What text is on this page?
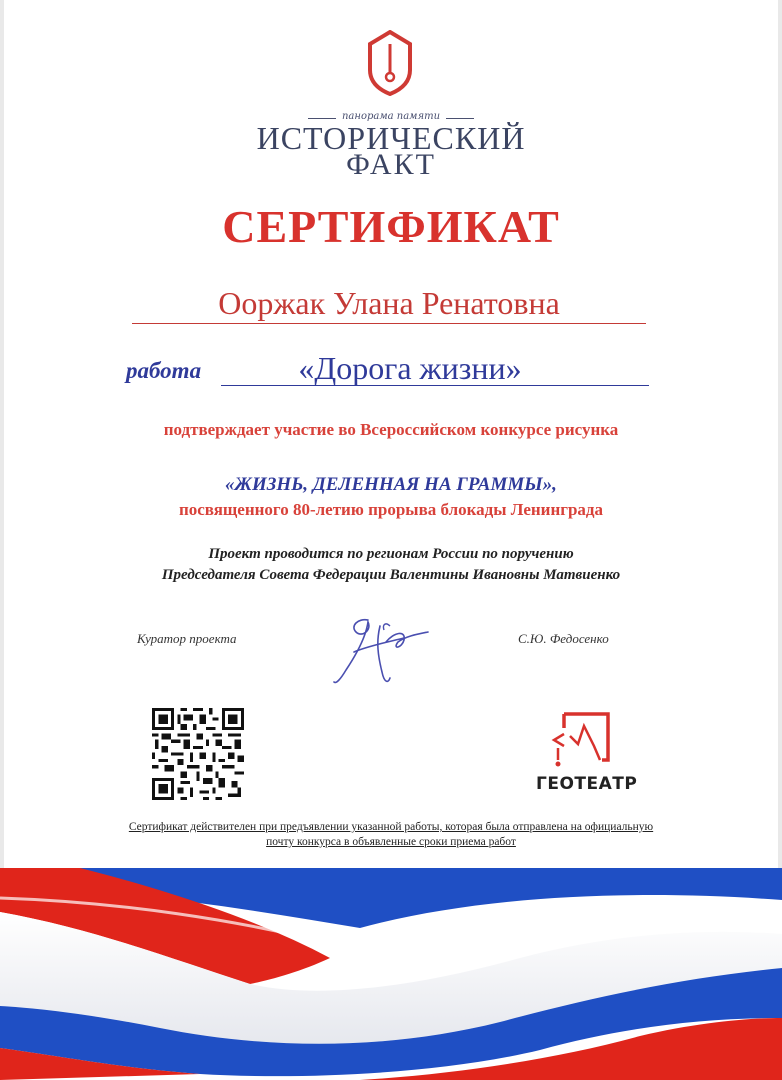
панорама памяти
ИСТОРИЧЕСКИЙ
ФАКТ
СЕРТИФИКАТ
Ооржак Улана Ренатовна
работа	«Дорога жизни»
подтверждает участие во Всероссийском конкурсе рисунка
«ЖИЗНЬ, ДЕЛЕННАЯ НА ГРАММЫ»,
посвященного 80-летию прорыва блокады Ленинграда
Проект проводится по регионам России по поручению
Председателя Совета Федерации Валентины Ивановны Матвиенко
Куратор проекта	С.Ю. Федосенко
ГЕОТЕАТР
Сертификат действителен при предъявлении указанной работы, которая была отправлена на официальную
почту конкурса в объявленные сроки приема работ
